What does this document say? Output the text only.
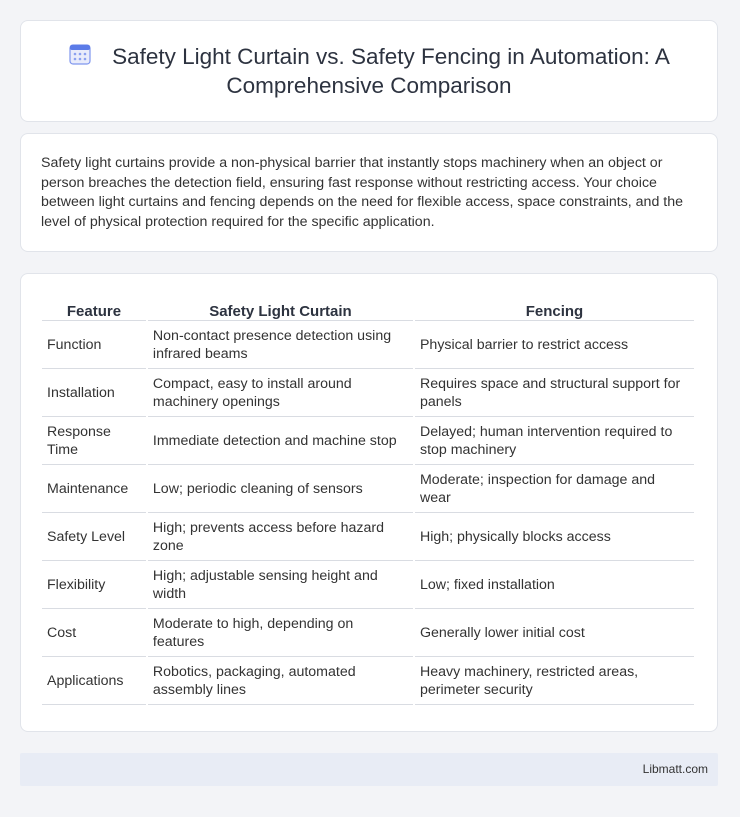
Safety Light Curtain vs. Safety Fencing in Automation: A Comprehensive Comparison
Safety light curtains provide a non-physical barrier that instantly stops machinery when an object or person breaches the detection field, ensuring fast response without restricting access. Your choice between light curtains and fencing depends on the need for flexible access, space constraints, and the level of physical protection required for the specific application.
Feature	Safety Light Curtain	Fencing
Function	Non-contact presence detection using infrared beams	Physical barrier to restrict access
Installation	Compact, easy to install around machinery openings	Requires space and structural support for panels
Response Time	Immediate detection and machine stop	Delayed; human intervention required to stop machinery
Maintenance	Low; periodic cleaning of sensors	Moderate; inspection for damage and wear
Safety Level	High; prevents access before hazard zone	High; physically blocks access
Flexibility	High; adjustable sensing height and width	Low; fixed installation
Cost	Moderate to high, depending on features	Generally lower initial cost
Applications	Robotics, packaging, automated assembly lines	Heavy machinery, restricted areas, perimeter security
Libmatt.com
